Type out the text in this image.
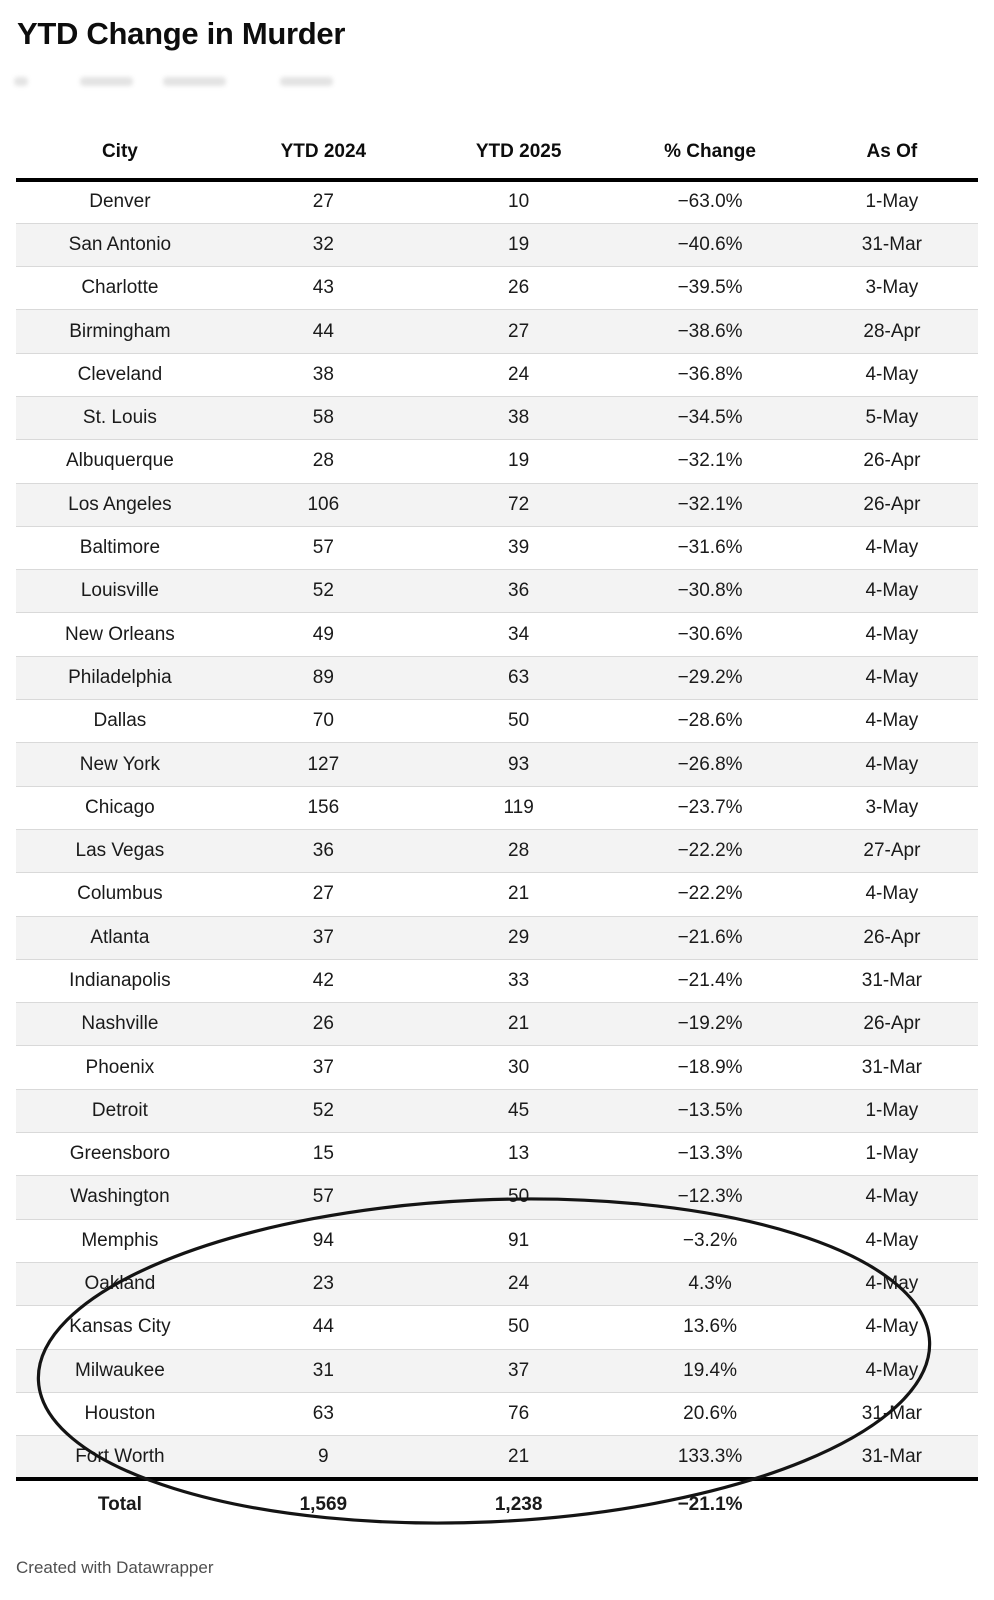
YTD Change in Murder
City	YTD 2024	YTD 2025	% Change	As Of
Denver	27	10	−63.0%	1-May
San Antonio	32	19	−40.6%	31-Mar
Charlotte	43	26	−39.5%	3-May
Birmingham	44	27	−38.6%	28-Apr
Cleveland	38	24	−36.8%	4-May
St. Louis	58	38	−34.5%	5-May
Albuquerque	28	19	−32.1%	26-Apr
Los Angeles	106	72	−32.1%	26-Apr
Baltimore	57	39	−31.6%	4-May
Louisville	52	36	−30.8%	4-May
New Orleans	49	34	−30.6%	4-May
Philadelphia	89	63	−29.2%	4-May
Dallas	70	50	−28.6%	4-May
New York	127	93	−26.8%	4-May
Chicago	156	119	−23.7%	3-May
Las Vegas	36	28	−22.2%	27-Apr
Columbus	27	21	−22.2%	4-May
Atlanta	37	29	−21.6%	26-Apr
Indianapolis	42	33	−21.4%	31-Mar
Nashville	26	21	−19.2%	26-Apr
Phoenix	37	30	−18.9%	31-Mar
Detroit	52	45	−13.5%	1-May
Greensboro	15	13	−13.3%	1-May
Washington	57	50	−12.3%	4-May
Memphis	94	91	−3.2%	4-May
Oakland	23	24	4.3%	4-May
Kansas City	44	50	13.6%	4-May
Milwaukee	31	37	19.4%	4-May
Houston	63	76	20.6%	31-Mar
Fort Worth	9	21	133.3%	31-Mar
Total	1,569	1,238	−21.1%	
Created with Datawrapper
